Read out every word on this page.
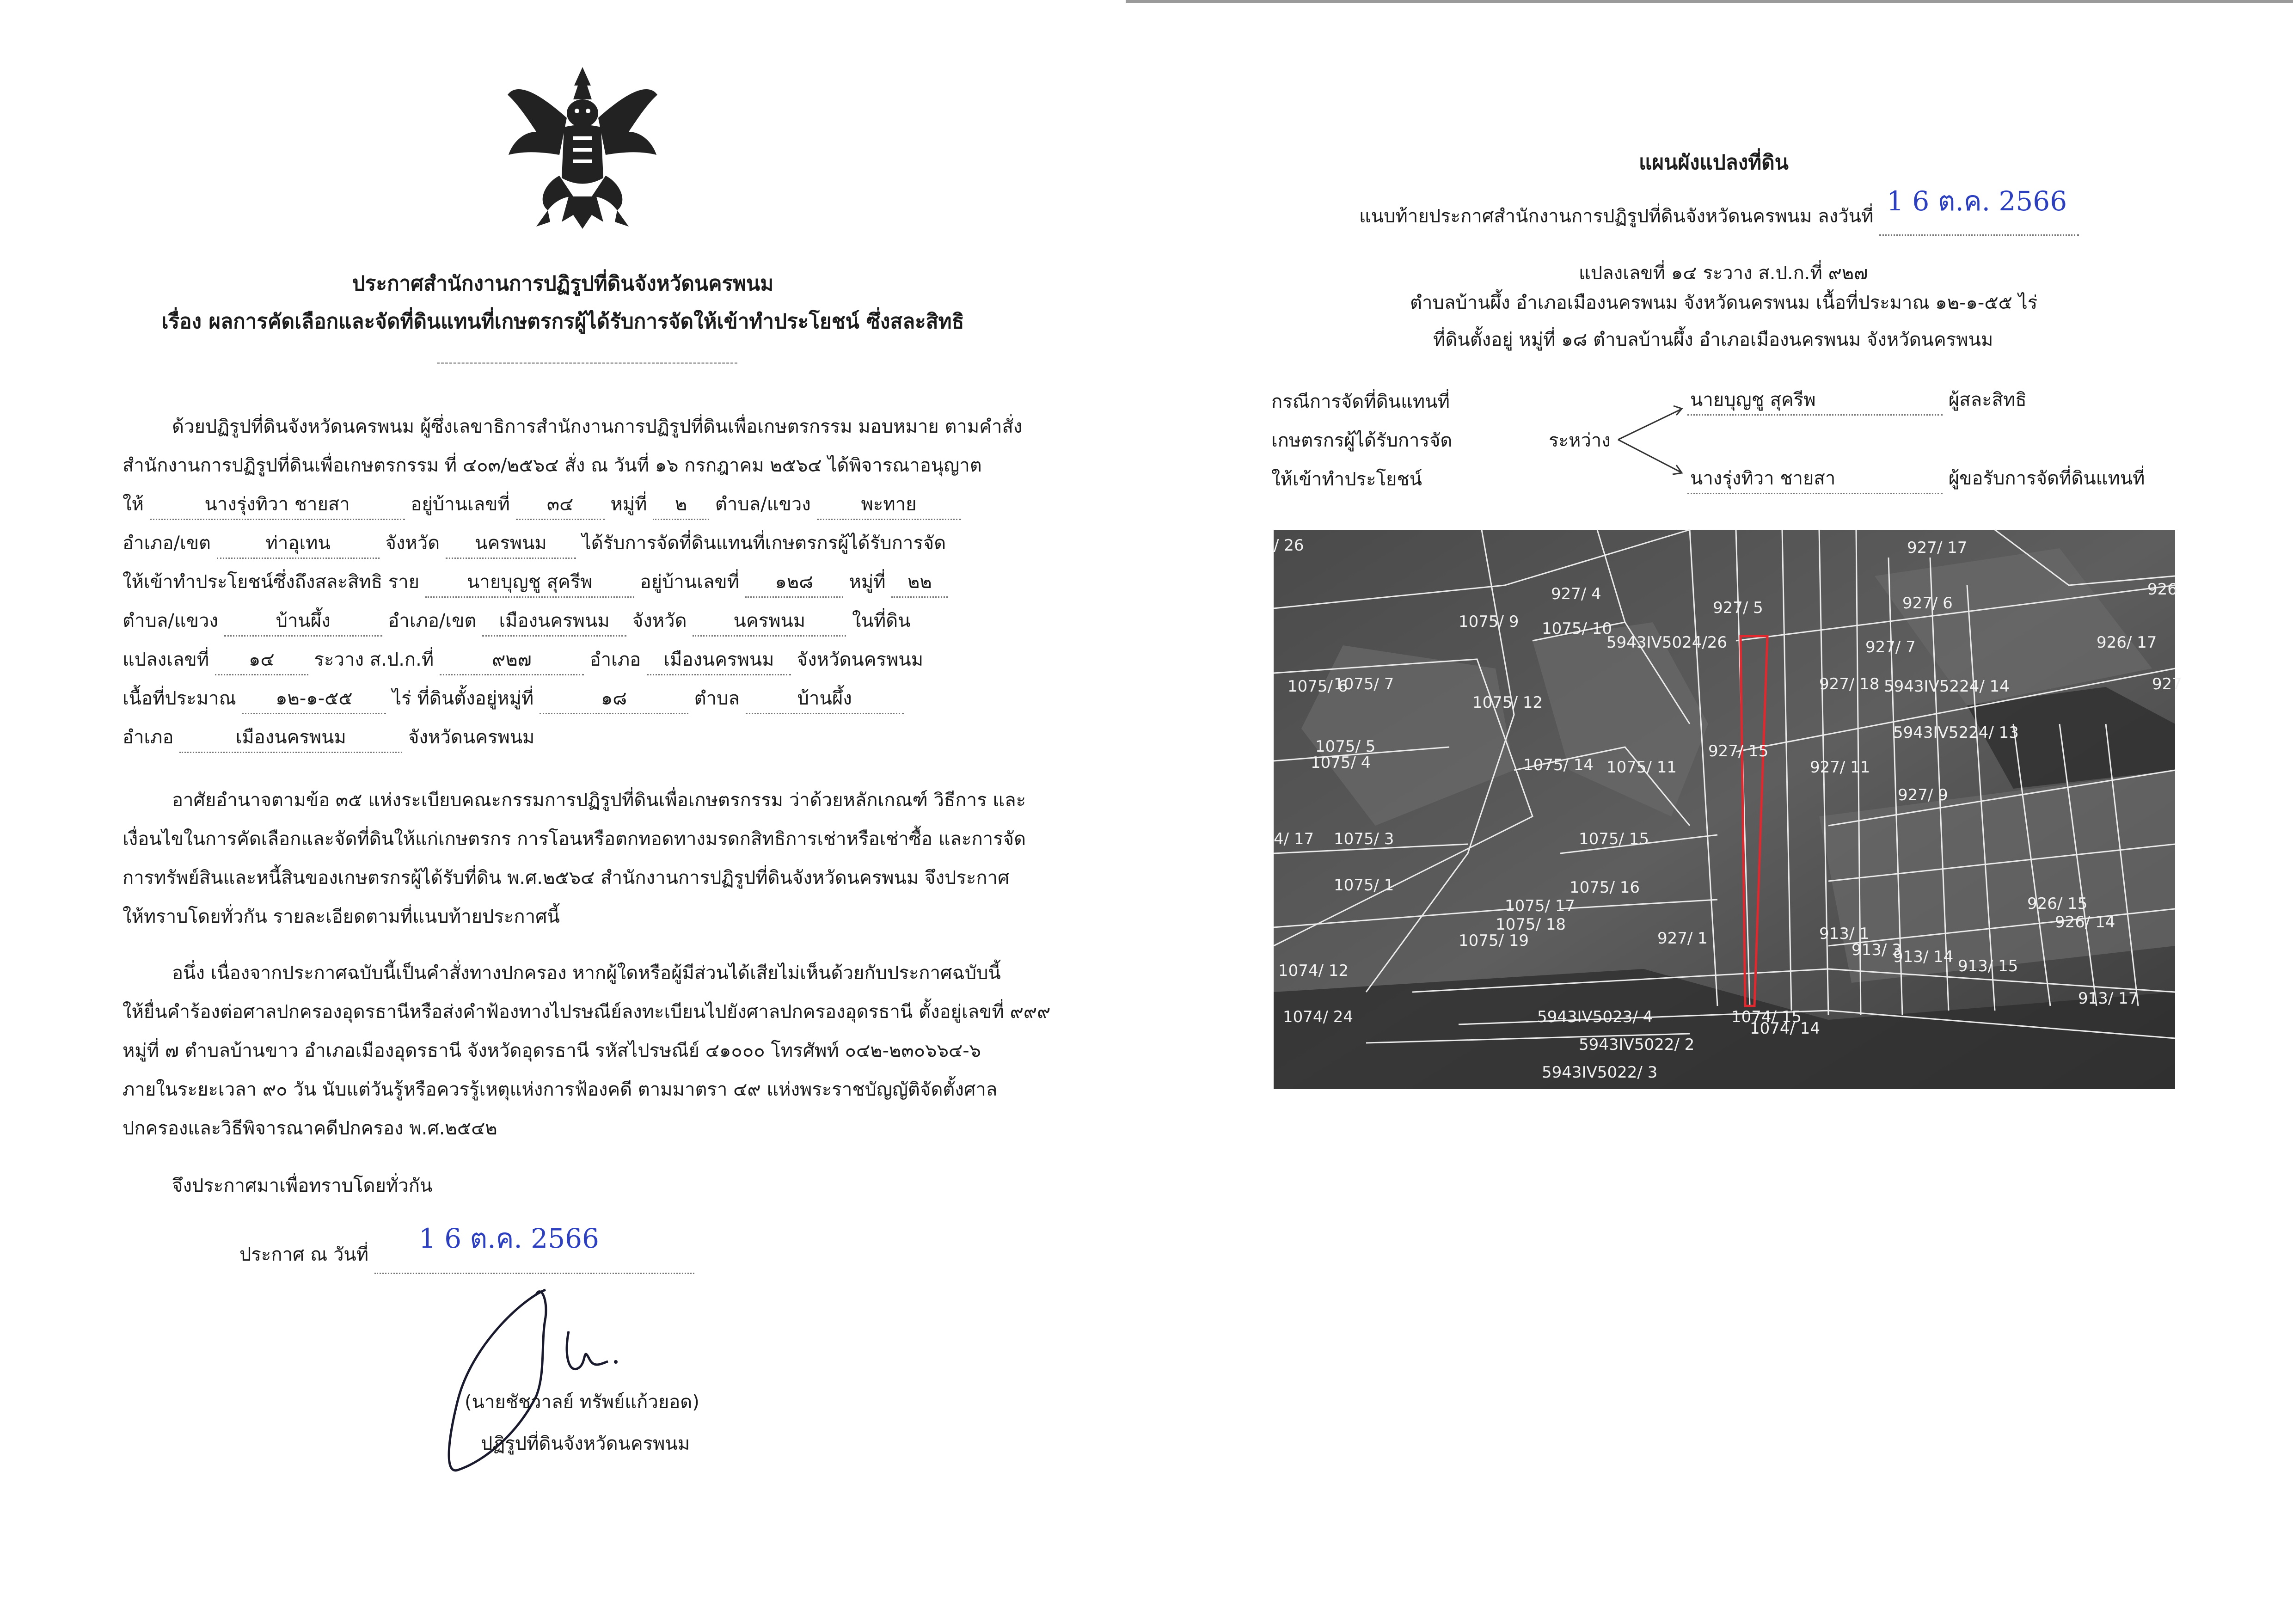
ประกาศสำนักงานการปฏิรูปที่ดินจังหวัดนครพนม
เรื่อง ผลการคัดเลือกและจัดที่ดินแทนที่เกษตรกรผู้ได้รับการจัดให้เข้าทำประโยชน์ ซึ่งสละสิทธิ
ด้วยปฏิรูปที่ดินจังหวัดนครพนม ผู้ซึ่งเลขาธิการสำนักงานการปฏิรูปที่ดินเพื่อเกษตรกรรม มอบหมาย ตามคำสั่ง
สำนักงานการปฏิรูปที่ดินเพื่อเกษตรกรรม ที่ ๔๐๓/๒๕๖๔ สั่ง ณ วันที่ ๑๖ กรกฎาคม ๒๕๖๔ ได้พิจารณาอนุญาต
ให้	นางรุ่งทิวา ชายสา	อยู่บ้านเลขที่ ๓๔ หมู่ที่ ๒ ตำบล/แขวง	พะทาย
อำเภอ/เขต	ท่าอุเทน	จังหวัด นครพนม ได้รับการจัดที่ดินแทนที่เกษตรกรผู้ได้รับการจัด
ให้เข้าทำประโยชน์ซึ่งถึงสละสิทธิ ราย	นายบุญชู สุครีพ	อยู่บ้านเลขที่ ๑๒๘ หมู่ที่ ๒๒
ตำบล/แขวง	บ้านผึ้ง	อำเภอ/เขต เมืองนครพนม จังหวัด	นครพนม	ในที่ดิน
แปลงเลขที่ ๑๔ ระวาง ส.ป.ก.ที่	๙๒๗	อำเภอ เมืองนครพนม จังหวัดนครพนม
เนื้อที่ประมาณ ๑๒-๑-๕๕ ไร่ ที่ดินตั้งอยู่หมู่ที่	๑๘	ตำบล	บ้านผึ้ง
อำเภอ	เมืองนครพนม	จังหวัดนครพนม
อาศัยอำนาจตามข้อ ๓๕ แห่งระเบียบคณะกรรมการปฏิรูปที่ดินเพื่อเกษตรกรรม ว่าด้วยหลักเกณฑ์ วิธีการ และ
เงื่อนไขในการคัดเลือกและจัดที่ดินให้แก่เกษตรกร การโอนหรือตกทอดทางมรดกสิทธิการเช่าหรือเช่าซื้อ และการจัด
การทรัพย์สินและหนี้สินของเกษตรกรผู้ได้รับที่ดิน พ.ศ.๒๕๖๔ สำนักงานการปฏิรูปที่ดินจังหวัดนครพนม จึงประกาศ
ให้ทราบโดยทั่วกัน รายละเอียดตามที่แนบท้ายประกาศนี้
อนึ่ง เนื่องจากประกาศฉบับนี้เป็นคำสั่งทางปกครอง หากผู้ใดหรือผู้มีส่วนได้เสียไม่เห็นด้วยกับประกาศฉบับนี้
ให้ยื่นคำร้องต่อศาลปกครองอุดรธานีหรือส่งคำฟ้องทางไปรษณีย์ลงทะเบียนไปยังศาลปกครองอุดรธานี ตั้งอยู่เลขที่ ๙๙๙
หมู่ที่ ๗ ตำบลบ้านขาว อำเภอเมืองอุดรธานี จังหวัดอุดรธานี รหัสไปรษณีย์ ๔๑๐๐๐ โทรศัพท์ ๐๔๒-๒๓๐๖๖๔-๖
ภายในระยะเวลา ๙๐ วัน นับแต่วันรู้หรือควรรู้เหตุแห่งการฟ้องคดี ตามมาตรา ๔๙ แห่งพระราชบัญญัติจัดตั้งศาล
ปกครองและวิธีพิจารณาคดีปกครอง พ.ศ.๒๕๔๒
จึงประกาศมาเพื่อทราบโดยทั่วกัน
ประกาศ ณ วันที่ 1 6 ต.ค. 2566
(นายชัชวาลย์ ทรัพย์แก้วยอด)
ปฏิรูปที่ดินจังหวัดนครพนม
แผนผังแปลงที่ดิน
แนบท้ายประกาศสำนักงานการปฏิรูปที่ดินจังหวัดนครพนม ลงวันที่ 1 6 ต.ค. 2566
แปลงเลขที่ ๑๔ ระวาง ส.ป.ก.ที่ ๙๒๗
ตำบลบ้านผึ้ง อำเภอเมืองนครพนม จังหวัดนครพนม เนื้อที่ประมาณ ๑๒-๑-๕๕ ไร่
ที่ดินตั้งอยู่ หมู่ที่ ๑๘ ตำบลบ้านผึ้ง อำเภอเมืองนครพนม จังหวัดนครพนม
กรณีการจัดที่ดินแทนที่
เกษตรกรผู้ได้รับการจัด
ให้เข้าทำประโยชน์
ระหว่าง
นายบุญชู สุครีพ	ผู้สละสิทธิ
นางรุ่งทิวา ชายสา	ผู้ขอรับการจัดที่ดินแทนที่
927/ 17
926
927/ 4
927/ 5	927/ 6
1075/ 9 1075/ 10
5943IV5024/26	927/ 7	926/ 17
1075/ 6
1075/ 7
1075/ 12
927/ 18 5943IV5224/ 14
927/ 15
5943IV5224/ 13
1075/ 5
1075/ 4	1075/ 14 1075/ 11	927/ 11
927/ 9
1075/ 3	1075/ 15
1075/ 16
926/ 15
926/ 14
1075/ 1
1075/ 17
1075/ 18
1075/ 19	927/ 1	913/ 1
913/ 3
913/ 14 913/ 15
913/ 17
1074/ 12
1074/ 24	1074/ 15
1074/ 14
5943IV5023/ 4
5943IV5022/ 2
5943IV5022/ 3
4/ 17
/ 26
927
